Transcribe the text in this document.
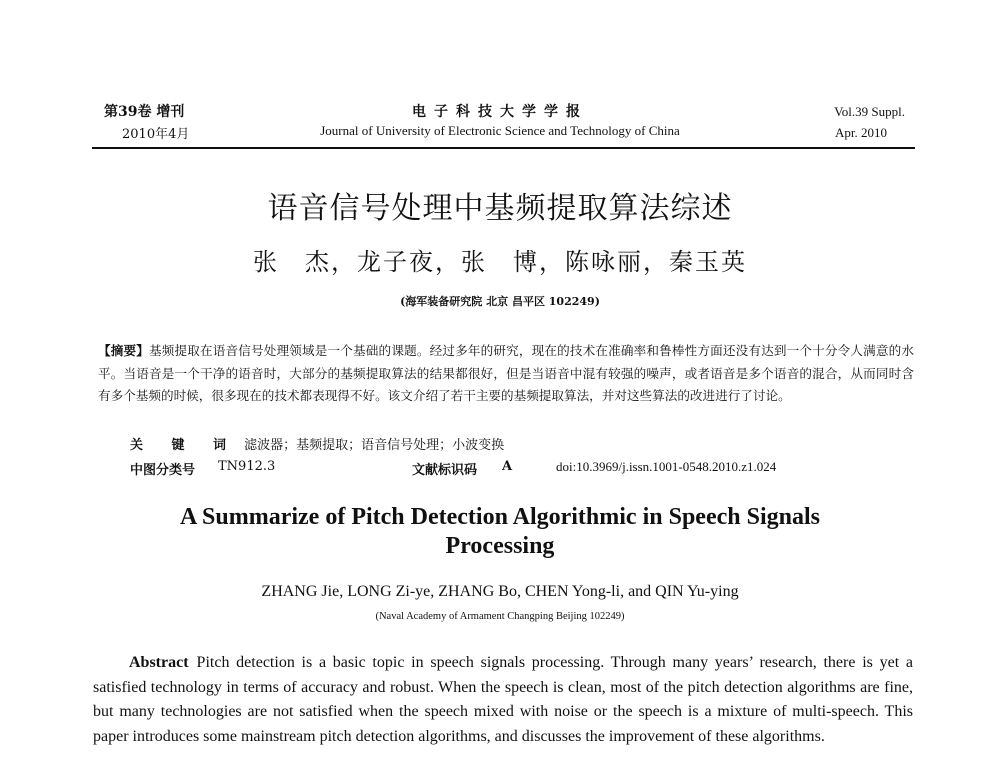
第39卷 增刊
2010年4月
电子科技大学学报
Journal of University of Electronic Science and Technology of China
Vol.39 Suppl.
Apr. 2010
语音信号处理中基频提取算法综述
张　杰，龙子夜，张　博，陈咏丽，秦玉英
(海军装备研究院 北京 昌平区 102249)
【摘要】基频提取在语音信号处理领域是一个基础的课题。经过多年的研究，现在的技术在准确率和鲁棒性方面还没有达到一个十分令人满意的水平。当语音是一个干净的语音时，大部分的基频提取算法的结果都很好，但是当语音中混有较强的噪声，或者语音是多个语音的混合，从而同时含有多个基频的时候，很多现在的技术都表现得不好。该文介绍了若干主要的基频提取算法，并对这些算法的改进进行了讨论。
关 键 词 滤波器；基频提取；语音信号处理；小波变换
中图分类号 TN912.3	文献标识码 A	doi:10.3969/j.issn.1001-0548.2010.z1.024
A Summarize of Pitch Detection Algorithmic in Speech Signals Processing
ZHANG Jie, LONG Zi-ye, ZHANG Bo, CHEN Yong-li, and QIN Yu-ying
(Naval Academy of Armament Changping Beijing 102249)
Abstract Pitch detection is a basic topic in speech signals processing. Through many years’ research, there is yet a satisfied technology in terms of accuracy and robust. When the speech is clean, most of the pitch detection algorithms are fine, but many technologies are not satisfied when the speech mixed with noise or the speech is a mixture of multi-speech. This paper introduces some mainstream pitch detection algorithms, and discusses the improvement of these algorithms.
